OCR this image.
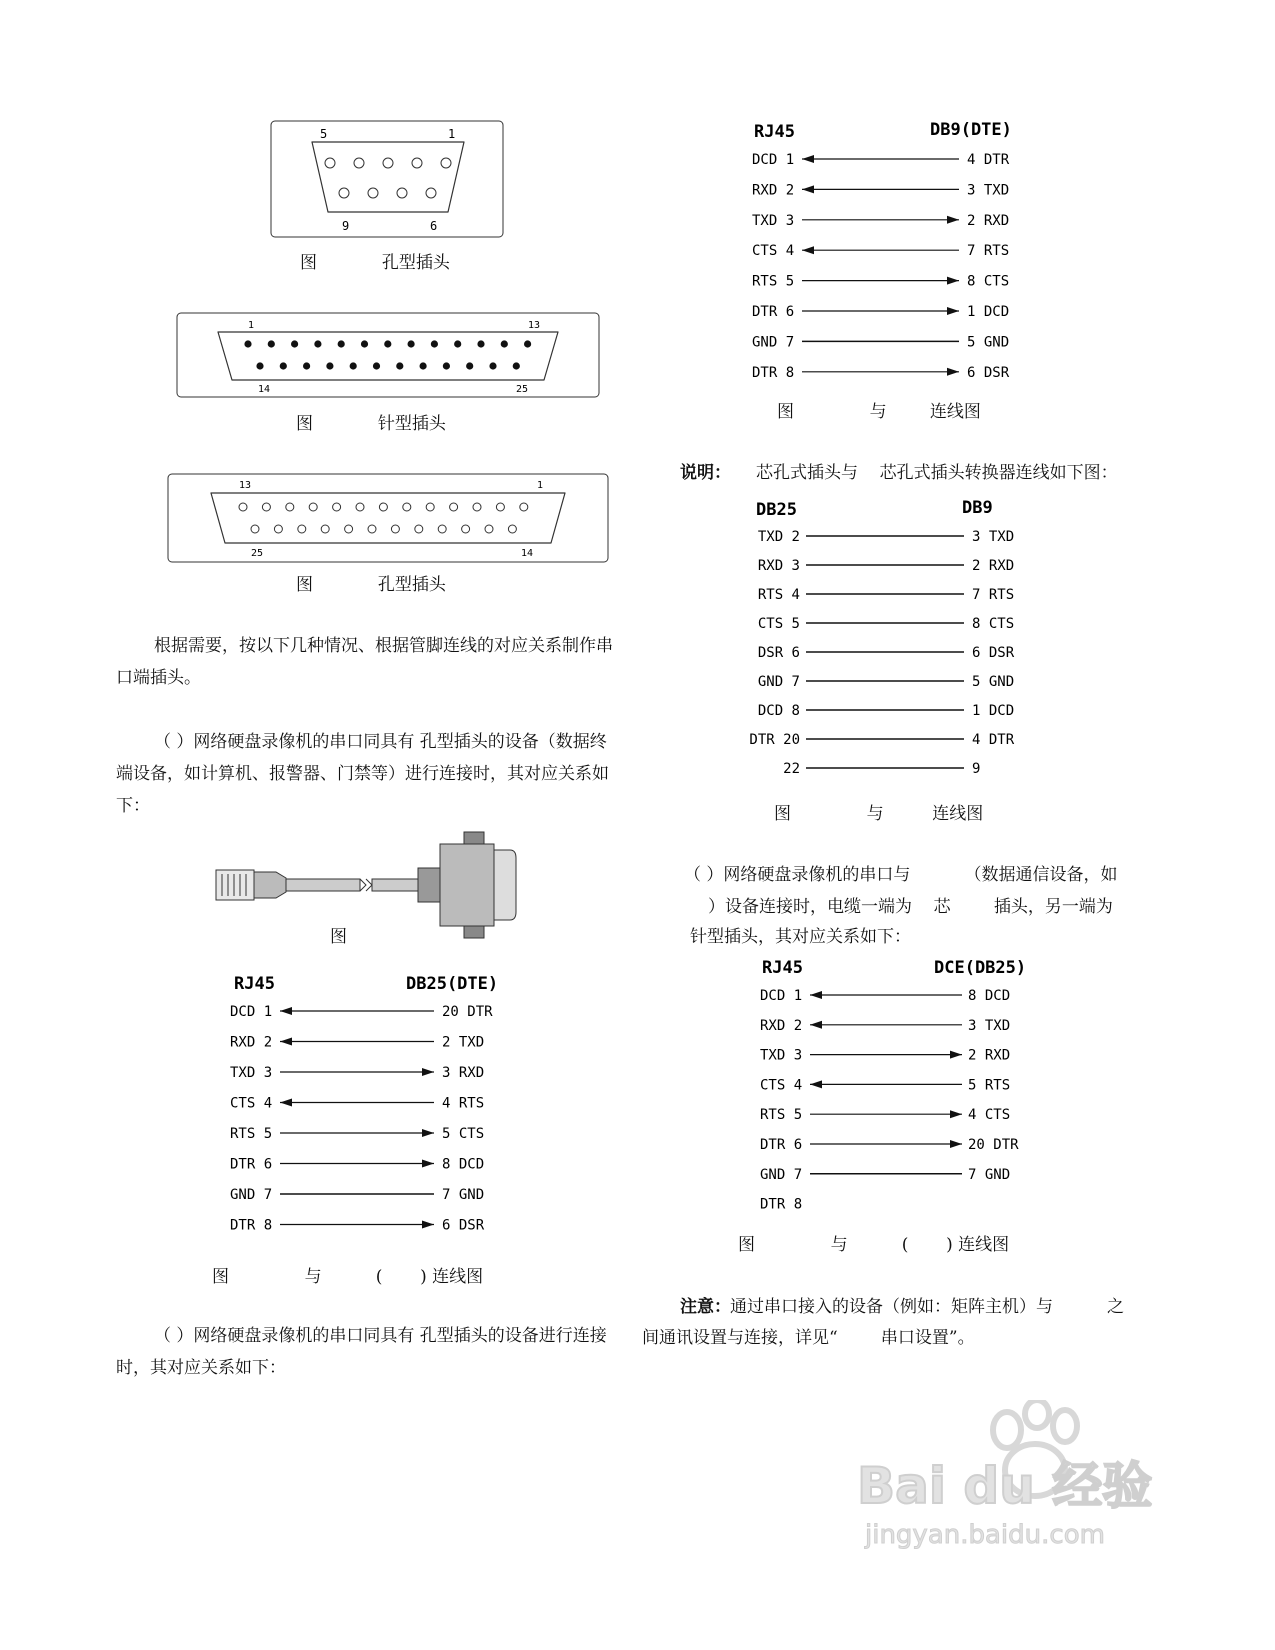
5	1
9	6
图            孔型插头
1	13
14	25
图            针型插头
13	1
25	14
图            孔型插头
根据需要，按以下几种情况、根据管脚连线的对应关系制作串口端插头。
（ ）网络硬盘录像机的串口同具有 孔型插头的设备（数据终端设备，如计算机、报警器、门禁等）进行连接时，其对应关系如下：
图
RJ45	DB25(DTE)
DCD 1	20 DTR
RXD 2	2 TXD
TXD 3	3 RXD
CTS 4	4 RTS
RTS 5	5 CTS
DTR 6	8 DCD
GND 7	7 GND
DTR 8	6 DSR
图              与          (       ) 连线图
（ ）网络硬盘录像机的串口同具有 孔型插头的设备进行连接时，其对应关系如下：
RJ45	DB9(DTE)
DCD 1	4 DTR
RXD 2	3 TXD
TXD 3	2 RXD
CTS 4	7 RTS
RTS 5	8 CTS
DTR 6	1 DCD
GND 7	5 GND
DTR 8	6 DSR
图              与        连线图
说明： 芯孔式插头与    芯孔式插头转换器连线如下图：
DB25	DB9
TXD 2	3 TXD
RXD 3	2 RXD
RTS 4	7 RTS
CTS 5	8 CTS
DSR 6	6 DSR
GND 7	5 GND
DCD 8	1 DCD
DTR 20	4 DTR
22	9
图              与         连线图
（ ）网络硬盘录像机的串口与          （数据通信设备，如
）设备连接时，电缆一端为    芯        插头，另一端为
针型插头，其对应关系如下：
RJ45	DCE(DB25)
DCD 1	8 DCD
RXD 2	3 TXD
TXD 3	2 RXD
CTS 4	5 RTS
RTS 5	4 CTS
DTR 6	20 DTR
GND 7	7 GND
DTR 8
图              与          (       ) 连线图
注意： 通过串口接入的设备（例如：矩阵主机）与          之
间通讯设置与连接，详见“        串口设置”。
Bai du 经验
jingyan.baidu.com
